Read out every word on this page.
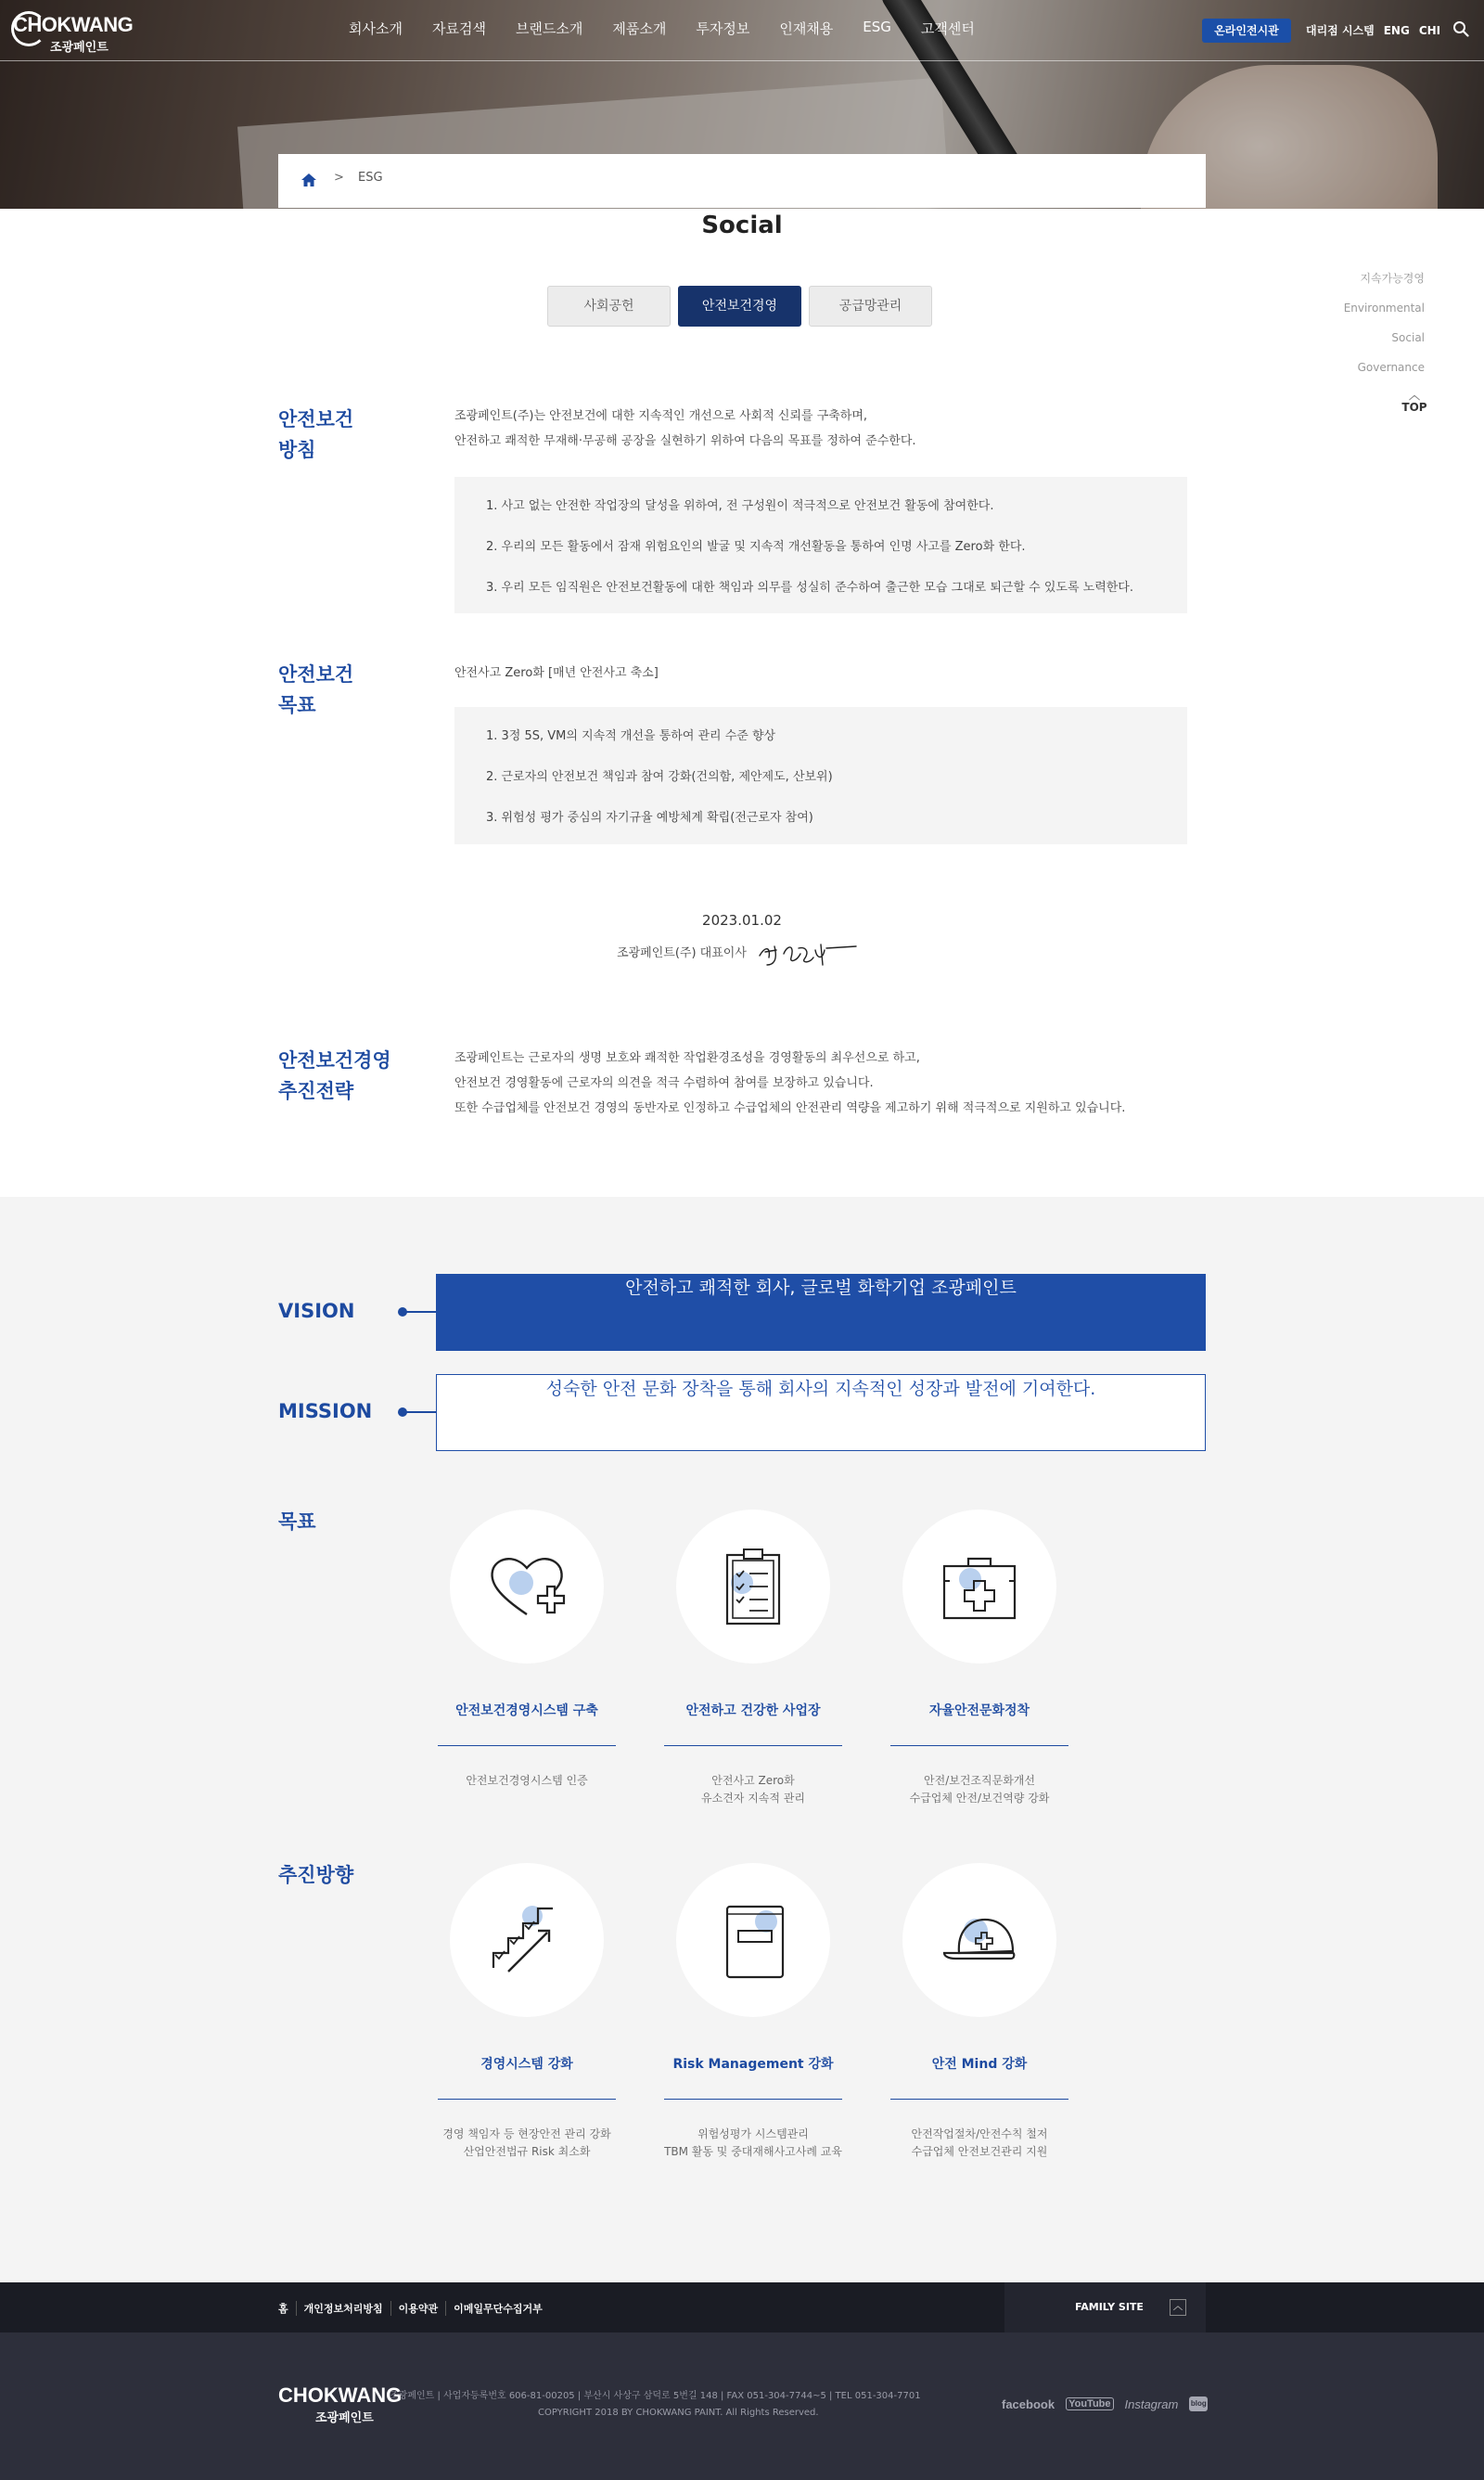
CHOKWANG
조광페인트
회사소개	자료검색	브랜드소개	제품소개	투자정보	인재채용	ESG	고객센터	온라인전시관	대리점 시스템 ENG CHI
> ESG
Social
사회공헌	안전보건경영	공급망관리
지속가능경영
Environmental
Social
Governance
︿
TOP
안전보건
방침
조광페인트(주)는 안전보건에 대한 지속적인 개선으로 사회적 신뢰를 구축하며,
안전하고 쾌적한 무재해·무공해 공장을 실현하기 위하여 다음의 목표를 정하여 준수한다.
1. 사고 없는 안전한 작업장의 달성을 위하여, 전 구성원이 적극적으로 안전보건 활동에 참여한다.
2. 우리의 모든 활동에서 잠재 위험요인의 발굴 및 지속적 개선활동을 통하여 인명 사고를 Zero화 한다.
3. 우리 모든 임직원은 안전보건활동에 대한 책임과 의무를 성실히 준수하여 출근한 모습 그대로 퇴근할 수 있도록 노력한다.
안전보건
목표
안전사고 Zero화 [매년 안전사고 축소]
1. 3정 5S, VM의 지속적 개선을 통하여 관리 수준 향상
2. 근로자의 안전보건 책임과 참여 강화(건의함, 제안제도, 산보위)
3. 위험성 평가 중심의 자기규율 예방체계 확립(전근로자 참여)
2023.01.02
조광페인트(주) 대표이사
안전보건경영
추진전략
조광페인트는 근로자의 생명 보호와 쾌적한 작업환경조성을 경영활동의 최우선으로 하고,
안전보건 경영활동에 근로자의 의견을 적극 수렴하여 참여를 보장하고 있습니다.
또한 수급업체를 안전보건 경영의 동반자로 인정하고 수급업체의 안전관리 역량을 제고하기 위해 적극적으로 지원하고 있습니다.
VISION
안전하고 쾌적한 회사, 글로벌 화학기업 조광페인트
MISSION
성숙한 안전 문화 장착을 통해 회사의 지속적인 성장과 발전에 기여한다.
목표
안전보건경영시스템 구축
안전보건경영시스템 인증
안전하고 건강한 사업장
안전사고 Zero화
유소견자 지속적 관리
자율안전문화정착
안전/보건조직문화개선
수급업체 안전/보건역량 강화
추진방향
경영시스템 강화
경영 책임자 등 현장안전 관리 강화
산업안전법규 Risk 최소화
Risk Management 강화
위험성평가 시스템관리
TBM 활동 및 중대재해사고사례 교육
안전 Mind 강화
안전작업절차/안전수칙 철저
수급업체 안전보건관리 지원
홈	개인정보처리방침	이용약관	이메일무단수집거부	FAMILY SITE	︿
CHOKWANG
조광페인트
조광페인트 | 사업자등록번호 606-81-00205 | 부산시 사상구 삼덕로 5번길 148 | FAX 051-304-7744~5 | TEL 051-304-7701
COPYRIGHT 2018 BY CHOKWANG PAINT. All Rights Reserved.
facebook YouTube Instagram blog
